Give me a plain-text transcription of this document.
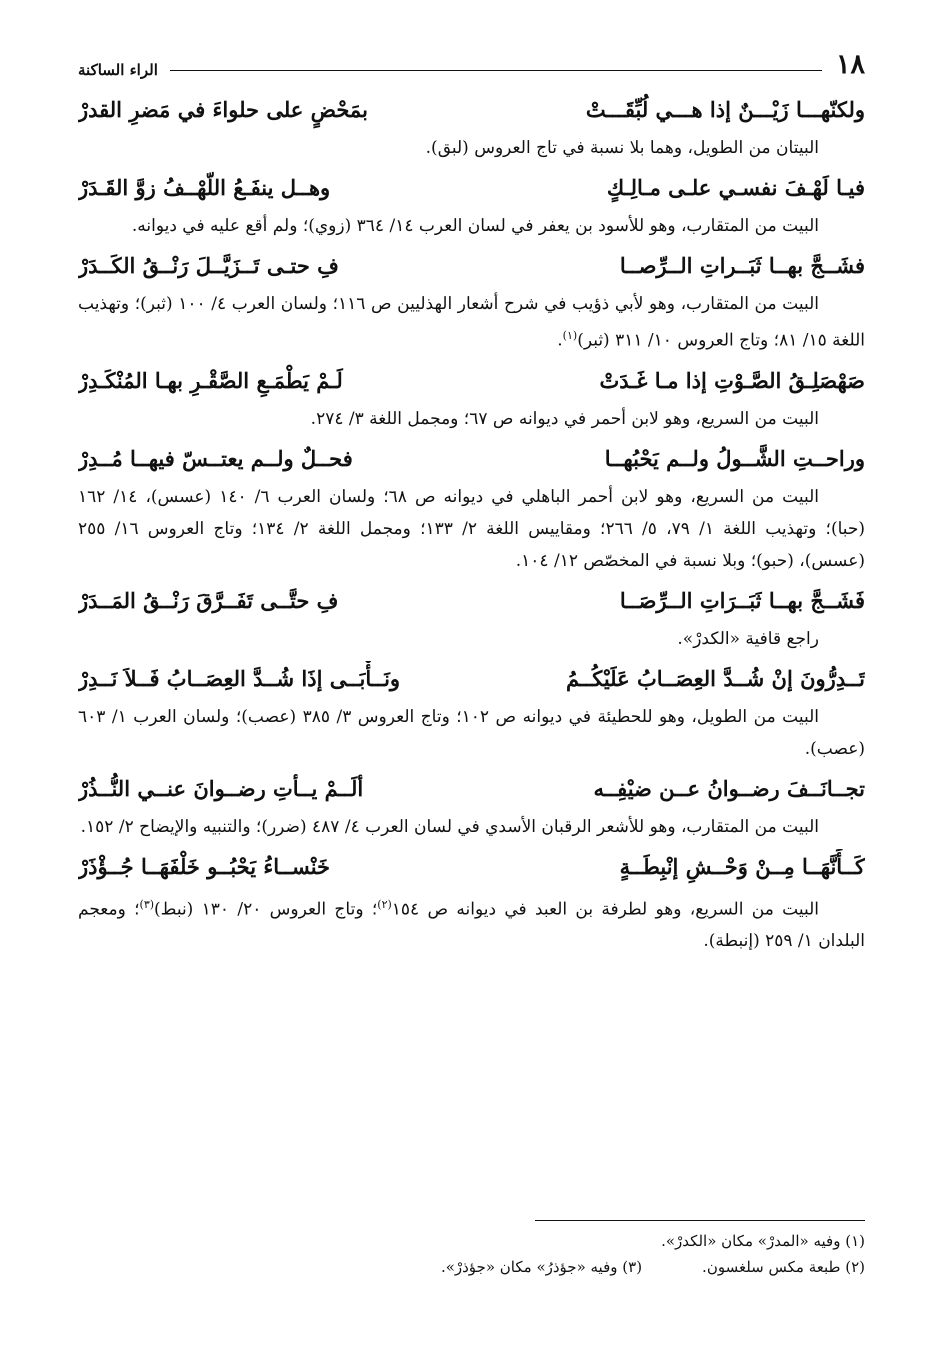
١٨
الراء الساكنة
ولكنّهـــا زَيْـــنٌ إذا هـــي لُبِّقَـــتْ
بمَحْضٍ على حلواءَ في مَضرِ القدرْ

البيتان من الطويل، وهما بلا نسبة في تاج العروس (لبق).

فيـا لَهْـفَ نفسـي علـى مـالِـكٍ
وهــل ينفَـعُ اللّهْــفُ زوَّ القَـدَرْ

البيت من المتقارب، وهو للأسود بن يعفر في لسان العرب ١٤/ ٣٦٤ (زوي)؛ ولم أقع عليه في ديوانه.

فشَــجَّ بهــا ثَبَــراتِ الــرِّصــا
فِ حتـى تَــزَيَّــلَ رَنْــقُ الكَــدَرْ

البيت من المتقارب، وهو لأبي ذؤيب في شرح أشعار الهذليين ص ١١٦؛ ولسان العرب ٤/ ١٠٠ (ثبر)؛ وتهذيب اللغة ١٥/ ٨١؛ وتاج العروس ١٠/ ٣١١ (ثبر)$^{(١)}$.

صَهْصَلِـقُ الصَّـوْتِ إذا مـا غَـدَتْ
لَـمْ يَطْمَـعِ الصَّقْـرِ بهـا المُنْكَـدِرْ

البيت من السريع، وهو لابن أحمر في ديوانه ص ٦٧؛ ومجمل اللغة ٣/ ٢٧٤.

وراحــتِ الشَّــولُ ولــم يَحْبُهــا
فحــلٌ ولــم يعتــسّ فيهــا مُــدِرْ

البيت من السريع، وهو لابن أحمر الباهلي في ديوانه ص ٦٨؛ ولسان العرب ٦/ ١٤٠ (عسس)، ١٤/ ١٦٢ (حبا)؛ وتهذيب اللغة ١/ ٧٩، ٥/ ٢٦٦؛ ومقاييس اللغة ٢/ ١٣٣؛ ومجمل اللغة ٢/ ١٣٤؛ وتاج العروس ١٦/ ٢٥٥ (عسس)، (حبو)؛ وبلا نسبة في المخصّص ١٢/ ١٠٤.

فَشَــجَّ بهــا ثَبَــرَاتِ الــرِّصَــا
فِ حتَّــى تَفَــرَّقَ رَنْــقُ المَــدَرْ

راجع قافية «الكدرْ».

تَــدِرُّونَ إنْ شُــدَّ العِصَــابُ عَلَيْكُــمُ
ونَــأْبَــى إذَا شُــدَّ العِصَــابُ فَــلاَ نَــدِرْ

البيت من الطويل، وهو للحطيئة في ديوانه ص ١٠٢؛ وتاج العروس ٣/ ٣٨٥ (عصب)؛ ولسان العرب ١/ ٦٠٣ (عصب).

تجــانَــفَ رضــوانُ عــن ضيْفِــه
ألَــمْ يــأتِ رضــوانَ عنــي النُّــذُرْ

البيت من المتقارب، وهو للأشعر الرقبان الأسدي في لسان العرب ٤/ ٤٨٧ (ضرر)؛ والتنبيه والإيضاح ٢/ ١٥٢.

كَــأَنَّهَــا مِــنْ وَحْــشِ إنْبِطَــةٍ
خَنْســاءُ يَحْبُــو خَلْفَهَــا جُــؤْذَرْ

البيت من السريع، وهو لطرفة بن العبد في ديوانه ص ١٥٤$^{(٢)}$؛ وتاج العروس ٢٠/ ١٣٠ (نبط)$^{(٣)}$؛ ومعجم البلدان ١/ ٢٥٩ (إنبطة).

(١) وفيه «المدرْ» مكان «الكدرْ».
(٢) طبعة مكس سلغسون.
(٣) وفيه «جؤذرُ» مكان «جؤذرْ».
